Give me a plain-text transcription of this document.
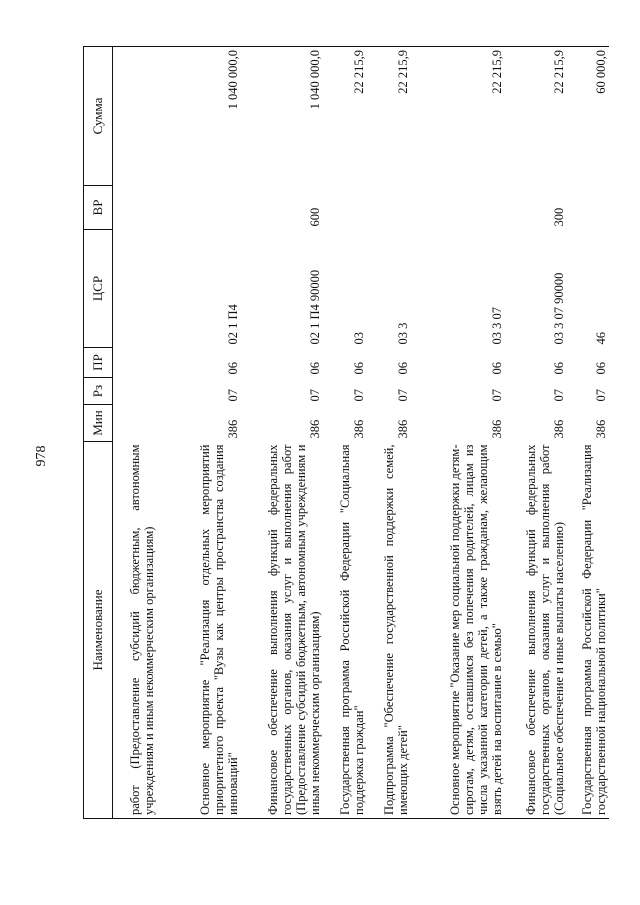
978
Наименование	Мин	Рз	ПР	ЦСР	ВР	Сумма
работ (Предоставление субсидий бюджетным, автономным учреждениям и иным некоммерческим организациям)						
Основное мероприятие "Реализация отдельных мероприятий приоритетного проекта "Вузы как центры пространства создания инноваций"	386	07	06	02 1 П4		1 040 000,0
Финансовое обеспечение выполнения функций федеральных государственных органов, оказания услуг и выполнения работ (Предоставление субсидий бюджетным, автономным учреждениям и иным некоммерческим организациям)	386	07	06	02 1 П4 90000	600	1 040 000,0
Государственная программа Российской Федерации "Социальная поддержка граждан"	386	07	06	03		22 215,9
Подпрограмма "Обеспечение государственной поддержки семей, имеющих детей"	386	07	06	03 3		22 215,9
Основное мероприятие "Оказание мер социальной поддержки детям-сиротам, детям, оставшимся без попечения родителей, лицам из числа указанной категории детей, а также гражданам, желающим взять детей на воспитание в семью"	386	07	06	03 3 07		22 215,9
Финансовое обеспечение выполнения функций федеральных государственных органов, оказания услуг и выполнения работ (Социальное обеспечение и иные выплаты населению)	386	07	06	03 3 07 90000	300	22 215,9
Государственная программа Российской Федерации "Реализация государственной национальной политики"	386	07	06	46		60 000,0
